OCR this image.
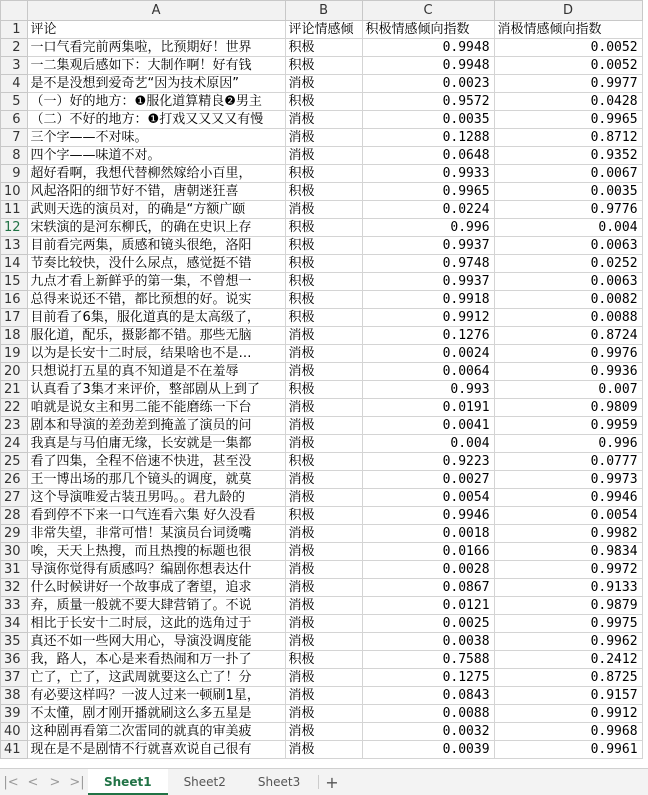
	A	B	C	D
1	评论	评论情感倾	积极情感倾向指数	消极情感倾向指数
2	一口气看完前两集啦，比预期好！世界	积极	0.9948	0.0052
3	一二集观后感如下：大制作啊！好有钱	积极	0.9948	0.0052
4	是不是没想到爱奇艺“因为技术原因”	消极	0.0023	0.9977
5	（一）好的地方：❶服化道算精良❷男主	积极	0.9572	0.0428
6	（二）不好的地方：❶打戏又又又又有慢	消极	0.0035	0.9965
7	三个字——不对味。	消极	0.1288	0.8712
8	四个字——味道不对。	消极	0.0648	0.9352
9	超好看啊，我想代替柳然嫁给小百里，	积极	0.9933	0.0067
10	风起洛阳的细节好不错，唐朝迷狂喜	积极	0.9965	0.0035
11	武则天选的演员对，的确是“方额广颐	消极	0.0224	0.9776
12	宋轶演的是河东柳氏，的确在史识上存	积极	0.996	0.004
13	目前看完两集，质感和镜头很绝，洛阳	积极	0.9937	0.0063
14	节奏比较快，没什么尿点，感觉挺不错	积极	0.9748	0.0252
15	九点才看上新鲜乎的第一集，不曾想一	积极	0.9937	0.0063
16	总得来说还不错，都比预想的好。说实	积极	0.9918	0.0082
17	目前看了6集，服化道真的是太高级了，	积极	0.9912	0.0088
18	服化道，配乐，摄影都不错。那些无脑	消极	0.1276	0.8724
19	以为是长安十二时辰，结果啥也不是…	消极	0.0024	0.9976
20	只想说打五星的真不知道是不在羞辱	消极	0.0064	0.9936
21	认真看了3集才来评价，整部剧从上到了	积极	0.993	0.007
22	咱就是说女主和男二能不能磨练一下台	消极	0.0191	0.9809
23	剧本和导演的差劲差到掩盖了演员的问	消极	0.0041	0.9959
24	我真是与马伯庸无缘，长安就是一集都	消极	0.004	0.996
25	看了四集，全程不倍速不快进，甚至没	积极	0.9223	0.0777
26	王一博出场的那几个镜头的调度，就莫	消极	0.0027	0.9973
27	这个导演唯爱古装丑男吗。。君九龄的	消极	0.0054	0.9946
28	看到停不下来一口气连看六集 好久没看	积极	0.9946	0.0054
29	非常失望，非常可惜！某演员台词烫嘴	消极	0.0018	0.9982
30	唉，天天上热搜，而且热搜的标题也很	消极	0.0166	0.9834
31	导演你觉得有质感吗？编剧你想表达什	消极	0.0028	0.9972
32	什么时候讲好一个故事成了奢望，追求	消极	0.0867	0.9133
33	弃，质量一般就不要大肆营销了。不说	消极	0.0121	0.9879
34	相比于长安十二时辰，这此的选角过于	消极	0.0025	0.9975
35	真还不如一些网大用心，导演没调度能	消极	0.0038	0.9962
36	我，路人，本心是来看热闹和万一扑了	积极	0.7588	0.2412
37	亡了，亡了，这武周就要这么亡了！分	消极	0.1275	0.8725
38	有必要这样吗？一波人过来一顿刷1星，	消极	0.0843	0.9157
39	不太懂，剧才刚开播就刷这么多五星是	消极	0.0088	0.9912
40	这种剧再看第二次雷同的就真的审美疲	消极	0.0032	0.9968
41	现在是不是剧情不行就喜欢说自己很有	消极	0.0039	0.9961
|< < > >|	Sheet1	Sheet2	Sheet3	+
